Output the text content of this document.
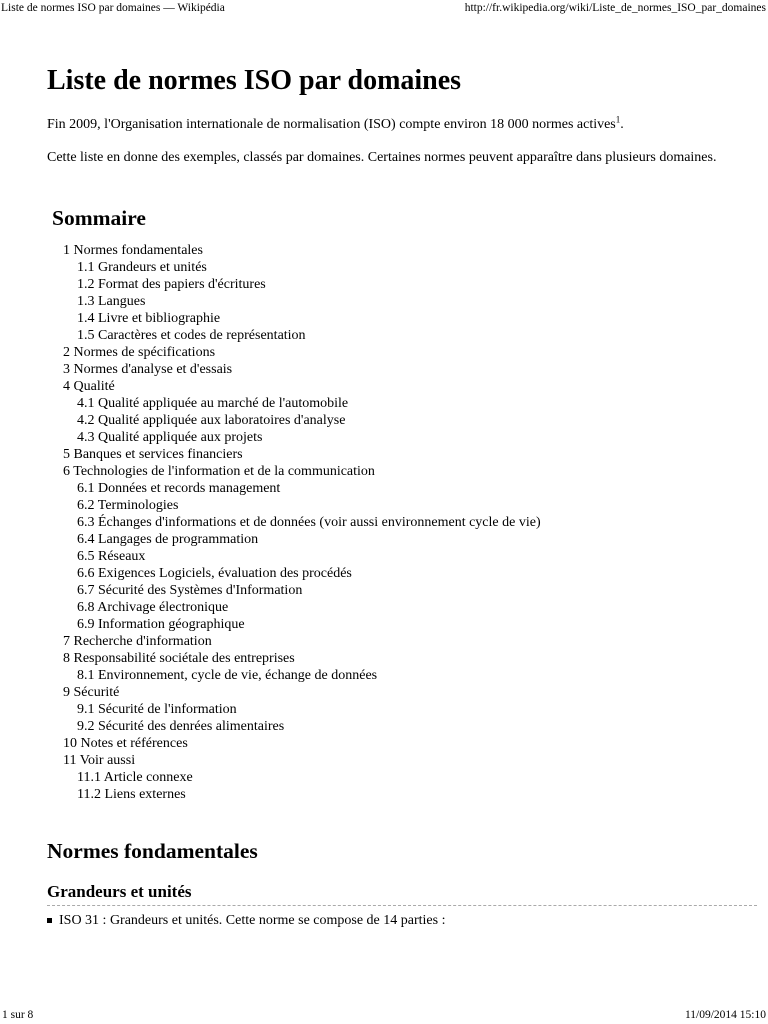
Liste de normes ISO par domaines — Wikipédia	http://fr.wikipedia.org/wiki/Liste_de_normes_ISO_par_domaines
Liste de normes ISO par domaines

Fin 2009, l'Organisation internationale de normalisation (ISO) compte environ 18 000 normes actives$^1$.

Cette liste en donne des exemples, classés par domaines. Certaines normes peuvent apparaître dans plusieurs domaines.

Sommaire
1 Normes fondamentales
1.1 Grandeurs et unités
1.2 Format des papiers d'écritures
1.3 Langues
1.4 Livre et bibliographie
1.5 Caractères et codes de représentation
2 Normes de spécifications
3 Normes d'analyse et d'essais
4 Qualité
4.1 Qualité appliquée au marché de l'automobile
4.2 Qualité appliquée aux laboratoires d'analyse
4.3 Qualité appliquée aux projets
5 Banques et services financiers
6 Technologies de l'information et de la communication
6.1 Données et records management
6.2 Terminologies
6.3 Échanges d'informations et de données (voir aussi environnement cycle de vie)
6.4 Langages de programmation
6.5 Réseaux
6.6 Exigences Logiciels, évaluation des procédés
6.7 Sécurité des Systèmes d'Information
6.8 Archivage électronique
6.9 Information géographique
7 Recherche d'information
8 Responsabilité sociétale des entreprises
8.1 Environnement, cycle de vie, échange de données
9 Sécurité
9.1 Sécurité de l'information
9.2 Sécurité des denrées alimentaires
10 Notes et références
11 Voir aussi
11.1 Article connexe
11.2 Liens externes
Normes fondamentales
Grandeurs et unités
ISO 31 : Grandeurs et unités. Cette norme se compose de 14 parties :
1 sur 8	11/09/2014 15:10
